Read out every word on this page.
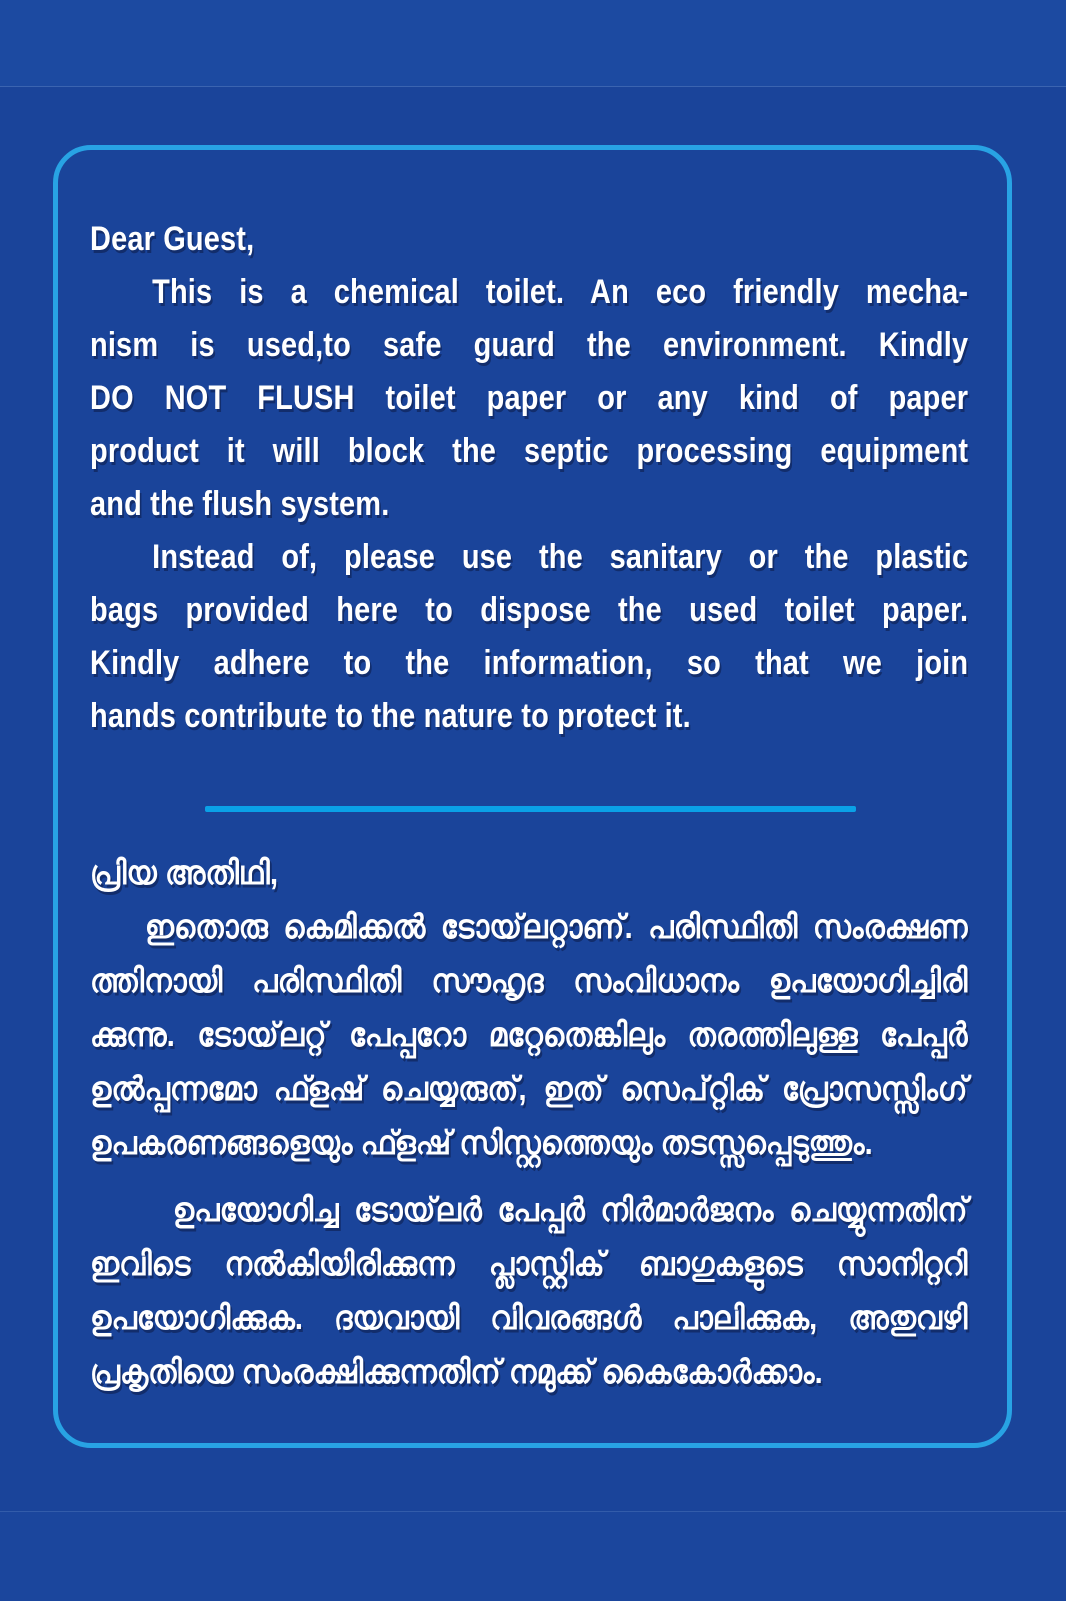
Dear Guest,
This is a chemical toilet. An eco friendly mecha-
nism is used,to safe guard the environment. Kindly
DO NOT FLUSH toilet paper or any kind of paper
product it will block the septic processing equipment
and the flush system.
Instead of, please use the sanitary or the plastic
bags provided here to dispose the used toilet paper.
Kindly adhere to the information, so that we join
hands contribute to the nature to protect it.
പ്രിയ അതിഥി,
ഇതൊരു കെമിക്കൽ ടോയ്‌ലറ്റാണ്. പരിസ്ഥിതി സംരക്ഷണ
ത്തിനായി പരിസ്ഥിതി സൗഹൃദ സംവിധാനം ഉപയോഗിച്ചിരി
ക്കുന്നു. ടോയ്‌ലറ്റ് പേപ്പറോ മറ്റേതെങ്കിലും തരത്തിലുള്ള പേപ്പർ
ഉൽപ്പന്നമോ ഫ്ളഷ് ചെയ്യരുത്, ഇത് സെപ്റ്റിക് പ്രോസസ്സിംഗ്
ഉപകരണങ്ങളെയും ഫ്ളഷ് സിസ്റ്റത്തെയും തടസ്സപ്പെടുത്തും.
ഉപയോഗിച്ച ടോയ്‌ലർ പേപ്പർ നിർമാർജനം ചെയ്യുന്നതിന്
ഇവിടെ നൽകിയിരിക്കുന്ന പ്ലാസ്റ്റിക് ബാഗുകളുടെ സാനിറ്ററി
ഉപയോഗിക്കുക. ദയവായി വിവരങ്ങൾ പാലിക്കുക, അതുവഴി
പ്രകൃതിയെ സംരക്ഷിക്കുന്നതിന് നമുക്ക് കൈകോർക്കാം.
